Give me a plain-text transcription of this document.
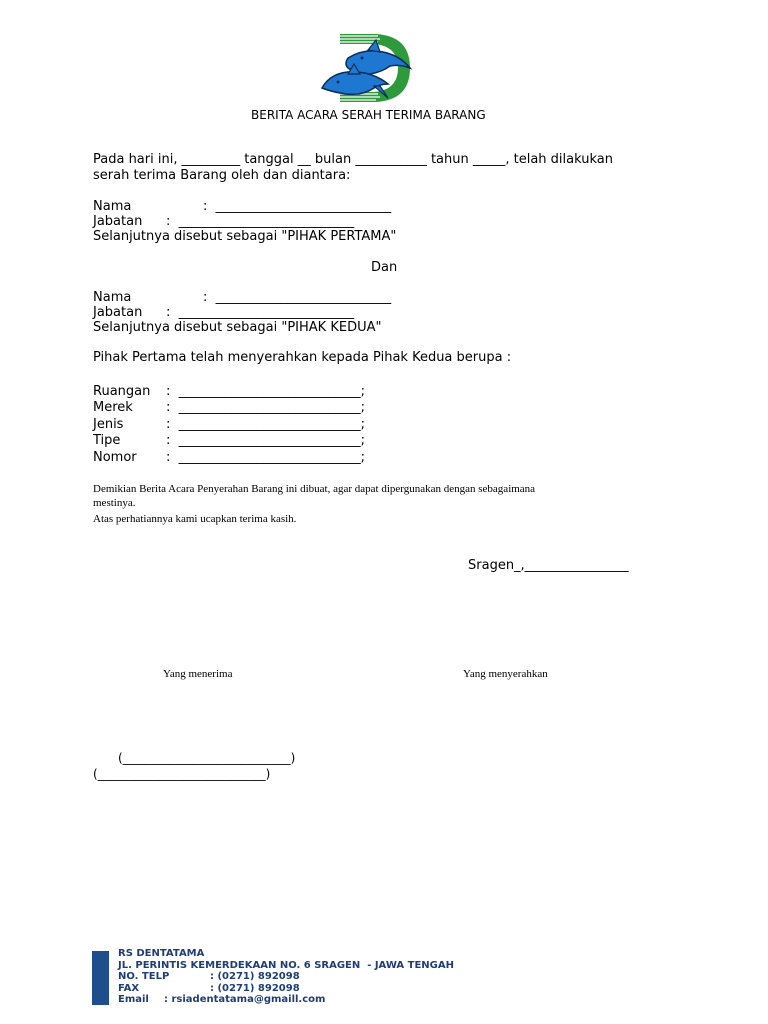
BERITA ACARA SERAH TERIMA BARANG
Pada hari ini, _________ tanggal __ bulan ___________ tahun _____, telah dilakukan
serah terima Barang oleh dan diantara:
Nama	:  ___________________________
Jabatan :  ___________________________
Selanjutnya disebut sebagai "PIHAK PERTAMA"
Dan
Nama	:  ___________________________
Jabatan :  ___________________________
Selanjutnya disebut sebagai "PIHAK KEDUA"
Pihak Pertama telah menyerahkan kepada Pihak Kedua berupa :
Ruangan :  ____________________________;
Merek	:  ____________________________;
Jenis	:  ____________________________;
Tipe	:  ____________________________;
Nomor :  ____________________________;
Demikian Berita Acara Penyerahan Barang ini dibuat, agar dapat dipergunakan dengan sebagaimana
mestinya.
Atas perhatiannya kami ucapkan terima kasih.
Sragen_,________________
Yang menerima	Yang menyerahkan
(____________________________)
(____________________________)
RS DENTATAMA
JL. PERINTIS KEMERDEKAAN NO. 6 SRAGEN  - JAWA TENGAH
NO. TELP	: (0271) 892098
FAX	: (0271) 892098
Email : rsiadentatama@gmaill.com
